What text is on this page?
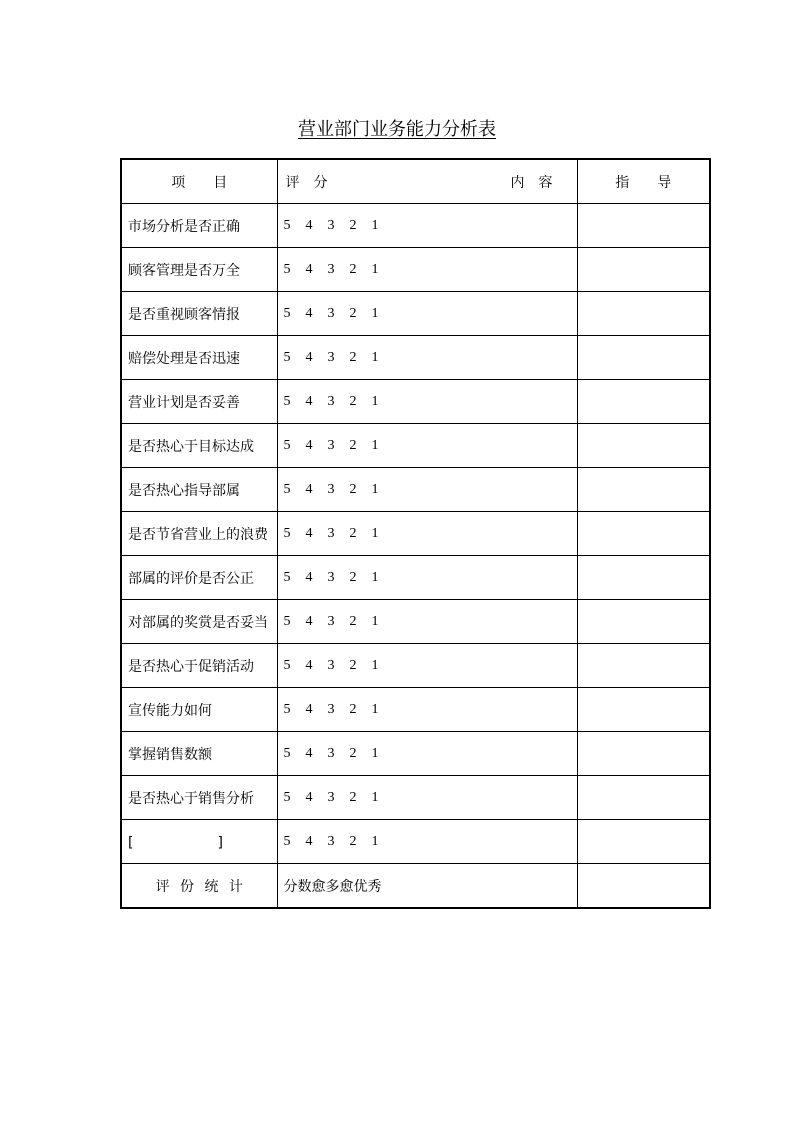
营业部门业务能力分析表
项　　目	评　分 内　容	指　　导
市场分析是否正确	5 4 3 2 1	
顾客管理是否万全	5 4 3 2 1	
是否重视顾客情报	5 4 3 2 1	
赔偿处理是否迅速	5 4 3 2 1	
营业计划是否妥善	5 4 3 2 1	
是否热心于目标达成	5 4 3 2 1	
是否热心指导部属	5 4 3 2 1	
是否节省营业上的浪费	5 4 3 2 1	
部属的评价是否公正	5 4 3 2 1	
对部属的奖赏是否妥当	5 4 3 2 1	
是否热心于促销活动	5 4 3 2 1	
宣传能力如何	5 4 3 2 1	
掌握销售数额	5 4 3 2 1	
是否热心于销售分析	5 4 3 2 1	
[　　　　　　]	5 4 3 2 1	
评 份 统 计	分数愈多愈优秀	
